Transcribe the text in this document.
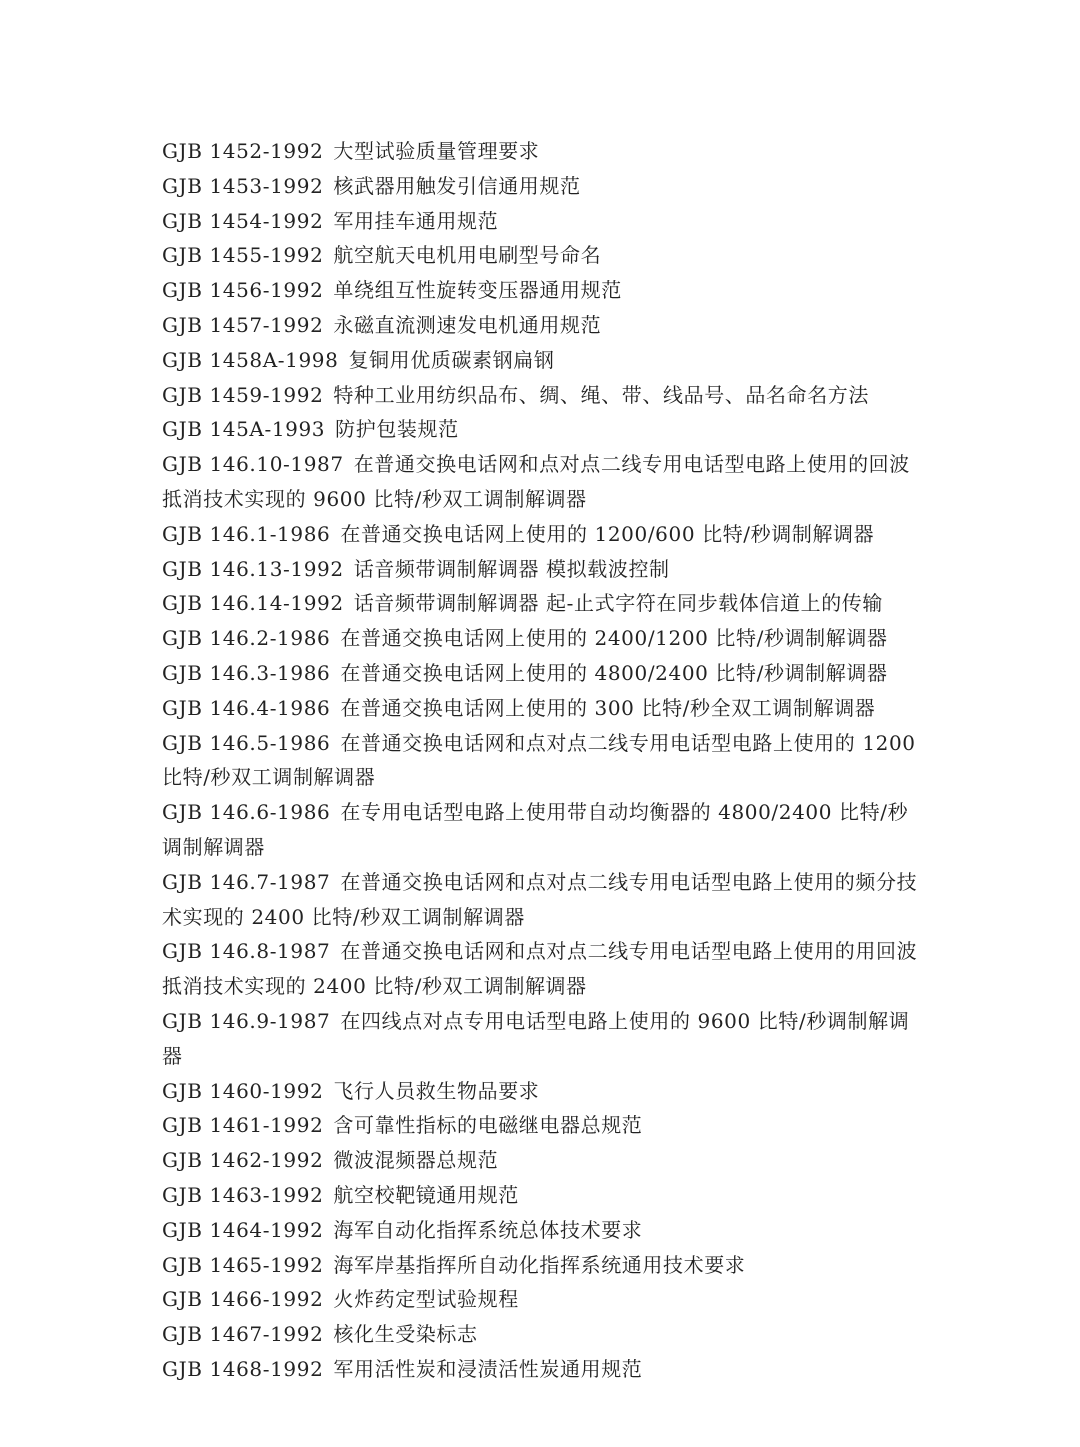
GJB 1452-1992 大型试验质量管理要求

GJB 1453-1992 核武器用触发引信通用规范

GJB 1454-1992 军用挂车通用规范

GJB 1455-1992 航空航天电机用电刷型号命名

GJB 1456-1992 单绕组互性旋转变压器通用规范

GJB 1457-1992 永磁直流测速发电机通用规范

GJB 1458A-1998 复铜用优质碳素钢扁钢

GJB 1459-1992 特种工业用纺织品布、绸、绳、带、线品号、品名命名方法

GJB 145A-1993 防护包装规范

GJB 146.10-1987 在普通交换电话网和点对点二线专用电话型电路上使用的回波抵消技术实现的 9600 比特/秒双工调制解调器

GJB 146.1-1986 在普通交换电话网上使用的 1200/600 比特/秒调制解调器

GJB 146.13-1992 话音频带调制解调器 模拟载波控制

GJB 146.14-1992 话音频带调制解调器 起-止式字符在同步载体信道上的传输

GJB 146.2-1986 在普通交换电话网上使用的 2400/1200 比特/秒调制解调器

GJB 146.3-1986 在普通交换电话网上使用的 4800/2400 比特/秒调制解调器

GJB 146.4-1986 在普通交换电话网上使用的 300 比特/秒全双工调制解调器

GJB 146.5-1986 在普通交换电话网和点对点二线专用电话型电路上使用的 1200 比特/秒双工调制解调器

GJB 146.6-1986 在专用电话型电路上使用带自动均衡器的 4800/2400 比特/秒调制解调器

GJB 146.7-1987 在普通交换电话网和点对点二线专用电话型电路上使用的频分技术实现的 2400 比特/秒双工调制解调器

GJB 146.8-1987 在普通交换电话网和点对点二线专用电话型电路上使用的用回波抵消技术实现的 2400 比特/秒双工调制解调器

GJB 146.9-1987 在四线点对点专用电话型电路上使用的 9600 比特/秒调制解调器

GJB 1460-1992 飞行人员救生物品要求

GJB 1461-1992 含可靠性指标的电磁继电器总规范

GJB 1462-1992 微波混频器总规范

GJB 1463-1992 航空校靶镜通用规范

GJB 1464-1992 海军自动化指挥系统总体技术要求

GJB 1465-1992 海军岸基指挥所自动化指挥系统通用技术要求

GJB 1466-1992 火炸药定型试验规程

GJB 1467-1992 核化生受染标志

GJB 1468-1992 军用活性炭和浸渍活性炭通用规范
